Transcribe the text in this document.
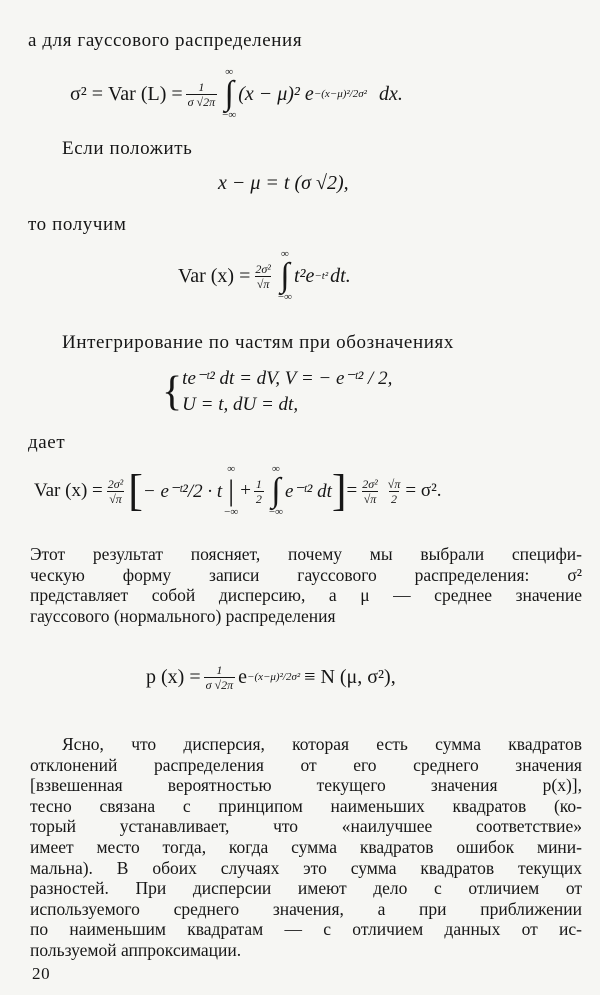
а для гауссового распределения
σ² = Var $(L) = \frac{1}{\sigma √2\pi}$
∞
∫
−∞
(x − μ)² e −(x−μ)²/2σ² dx.
Если положить
x − μ = t (σ √2),
то получим
Var $(x) = \frac{\text{2σ²}}{√\pi}$
∞
∫
−∞
t²e −t² dt.
Интегрирование по частям при обозначениях
{ te⁻ᵗ² dt = dV, V = − e⁻ᵗ² / 2,
U = t, dU = dt,
дает
Var $(x) = \frac{\text{2σ²}}{√\pi}$ [ − e⁻ᵗ²/2 · t
∞
|
−∞
+ $\frac{1}{2}$
∞
∫
−∞
e⁻ᵗ² dt ] = $\frac{\text{2σ²}}{√\pi} \frac{√\pi}{2} = \sigma^2$.
Этот результат поясняет, почему мы выбрали специфи-
ческую форму записи гауссового распределения: σ²
представляет собой дисперсию, а μ — среднее значение
гауссового (нормального) распределения
p $(x) = \frac{1}{\sigma √2\pi}$ e −(x−μ)²/2σ² ≡ N (μ, σ²),
Ясно, что дисперсия, которая есть сумма квадратов
отклонений распределения от его среднего значения
[взвешенная вероятностью текущего значения p(x)],
тесно связана с принципом наименьших квадратов (ко-
торый устанавливает, что «наилучшее соответствие»
имеет место тогда, когда сумма квадратов ошибок мини-
мальна). В обоих случаях это сумма квадратов текущих
разностей. При дисперсии имеют дело с отличием от
используемого среднего значения, а при приближении
по наименьшим квадратам — с отличием данных от ис-
пользуемой аппроксимации.
20
